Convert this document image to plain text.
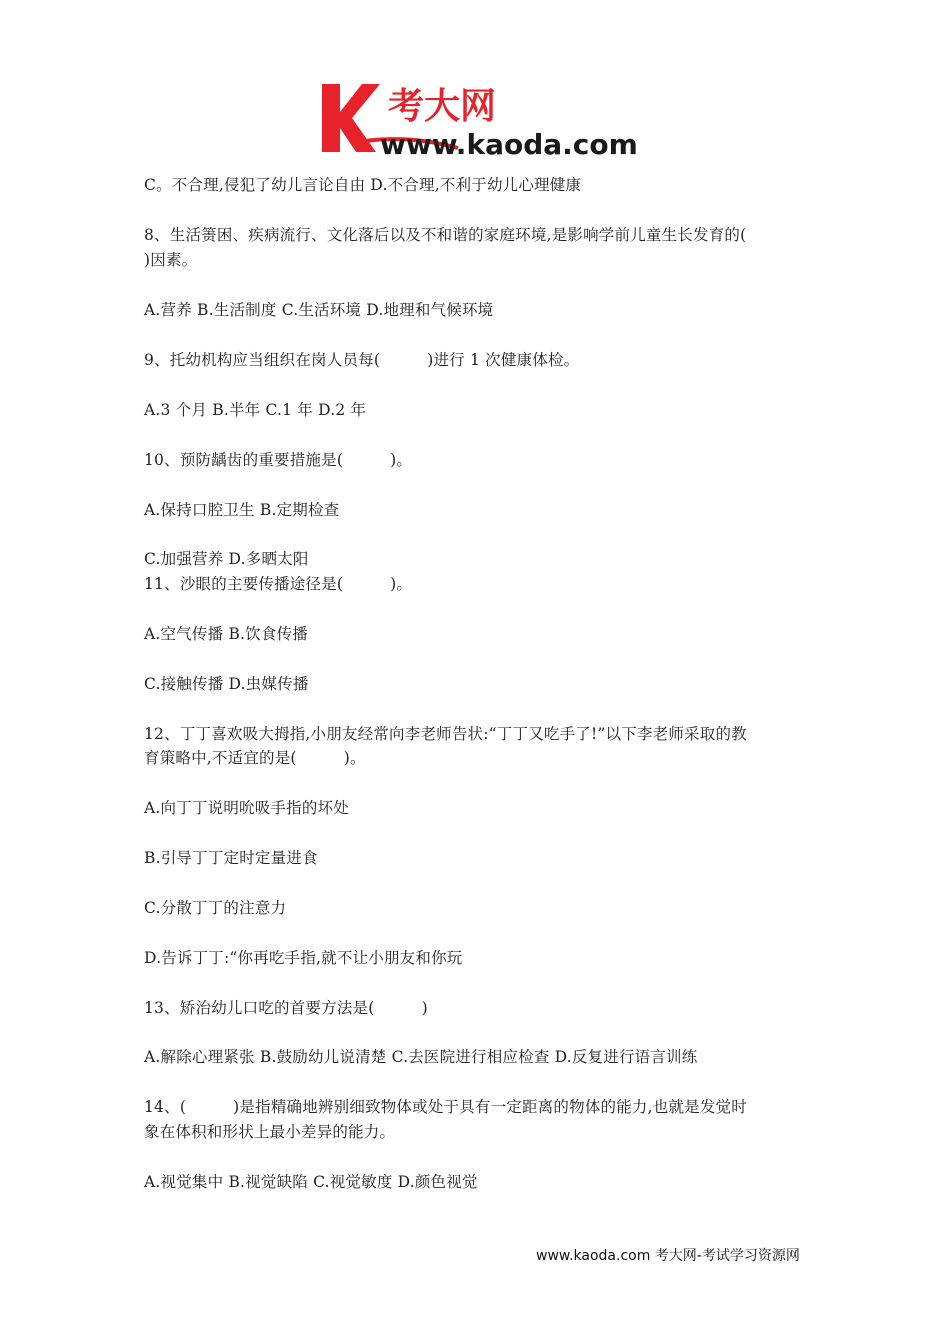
考大网
www.kaoda.com
C。不合理,侵犯了幼儿言论自由 D.不合理,不利于幼儿心理健康
8、生活箦困、疾病流行、文化落后以及不和谐的家庭环境,是影响学前儿童生长发育的(
)因素。
A.营养 B.生活制度 C.生活环境 D.地理和气候环境
9、托幼机构应当组织在岗人员每(　　　)进行 1 次健康体检。
A.3 个月 B.半年 C.1 年 D.2 年
10、预防龋齿的重要措施是(　　　)。
A.保持口腔卫生 B.定期检查
C.加强营养 D.多晒太阳
11、沙眼的主要传播途径是(　　　)。
A.空气传播 B.饮食传播
C.接触传播 D.虫媒传播
12、丁丁喜欢吸大拇指,小朋友经常向李老师告状:“丁丁又吃手了!”以下李老师采取的教
育策略中,不适宜的是(　　　)。
A.向丁丁说明吮吸手指的坏处
B.引导丁丁定时定量进食
C.分散丁丁的注意力
D.告诉丁丁:“你再吃手指,就不让小朋友和你玩
13、矫治幼儿口吃的首要方法是(　　　)
A.解除心理紧张 B.鼓励幼儿说清楚 C.去医院进行相应检查 D.反复进行语言训练
14、(　　　)是指精确地辨别细致物体或处于具有一定距离的物体的能力,也就是发觉时
象在体积和形状上最小差异的能力。
A.视觉集中 B.视觉缺陷 C.视觉敏度 D.颜色视觉
www.kaoda.com 考大网-考试学习资源网
